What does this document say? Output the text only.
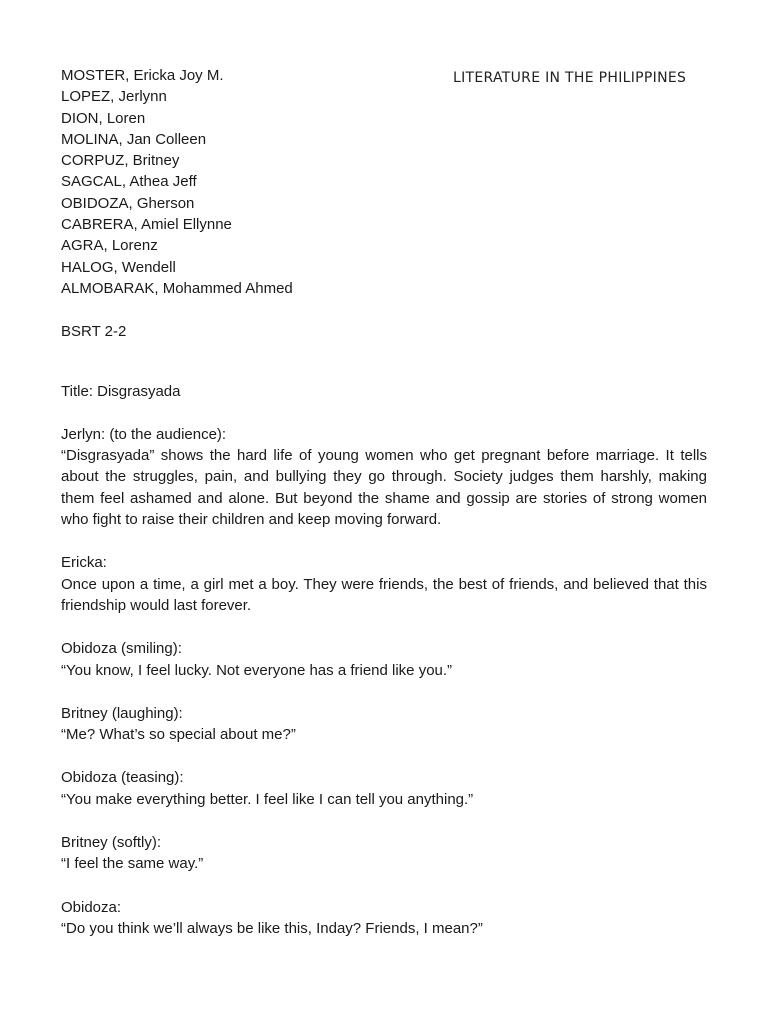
LITERATURE IN THE PHILIPPINES
MOSTER, Ericka Joy M.
LOPEZ, Jerlynn
DION, Loren
MOLINA, Jan Colleen
CORPUZ, Britney
SAGCAL, Athea Jeff
OBIDOZA, Gherson
CABRERA, Amiel Ellynne
AGRA, Lorenz
HALOG, Wendell
ALMOBARAK, Mohammed Ahmed
BSRT 2-2
Title: Disgrasyada
Jerlyn: (to the audience):

“Disgrasyada” shows the hard life of young women who get pregnant before marriage. It tells about the struggles, pain, and bullying they go through. Society judges them harshly, making them feel ashamed and alone. But beyond the shame and gossip are stories of strong women who fight to raise their children and keep moving forward.

Ericka:

Once upon a time, a girl met a boy. They were friends, the best of friends, and believed that this friendship would last forever.

Obidoza (smiling):

“You know, I feel lucky. Not everyone has a friend like you.”

Britney (laughing):

“Me? What’s so special about me?”

Obidoza (teasing):

“You make everything better. I feel like I can tell you anything.”

Britney (softly):

“I feel the same way.”

Obidoza:

“Do you think we’ll always be like this, Inday? Friends, I mean?”
